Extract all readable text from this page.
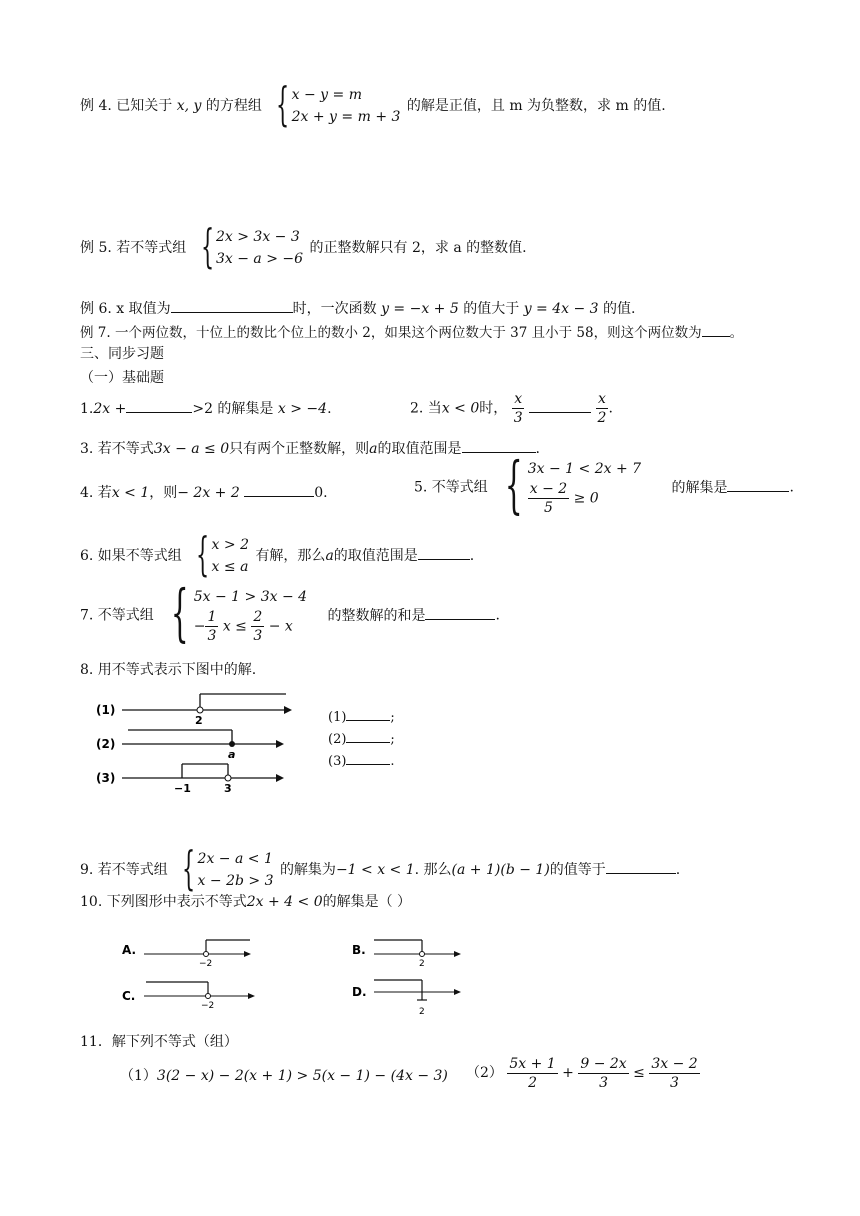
例 4. 已知关于 x, y 的方程组 { x − y = m
2x + y = m + 3
的解是正值，且 m 为负整数，求 m 的值.
例 5. 若不等式组 { 2x > 3x − 3
3x − a > −6
的正整数解只有 2，求 a 的整数值.
例 6. x 取值为	时，一次函数 y = −x + 5 的值大于 y = 4x − 3 的值.
例 7. 一个两位数，十位上的数比个位上的数小 2，如果这个两位数大于 37 且小于 58，则这个两位数为 。
三、同步习题
（一）基础题
1.2x +	>2 的解集是 x > −4.	2. 当x < 0时， $\frac{x}{3}$
	$\frac{x}{2}$ .
3. 若不等式3x − a ≤ 0只有两个正整数解，则a的取值范围是	.
4. 若x < 1，则− 2x + 2	0.	5. 不等式组 { 3x − 1 < 2x + 7
$\frac{x - 2}{5} \ge 0$
的解集是	.
6. 如果不等式组 { x > 2
x ≤ a
有解，那么a的取值范围是	.
7. 不等式组 { 5x − 1 > 3x − 4
− $\frac{1}{3}$ $x \le \frac{2}{3} - x$
的整数解的和是	.
8. 用不等式表示下图中的解.
(1)
2
(2)
a
(3)
−1	3
(1)	;
(2)	;
(3)	.
9. 若不等式组 { 2x − a < 1
x − 2b > 3
的解集为−1 < x < 1. 那么(a + 1)(b − 1)的值等于	.
10. 下列图形中表示不等式2x + 4 < 0的解集是（ ）
A.
−2
B.
2
C.
−2
D.
2
11．解下列不等式（组）
（1）3(2 − x) − 2(x + 1) > 5(x − 1) − (4x − 3) $(2) \frac{5x + 1}{2} + \frac{9 - 2x}{3} \le \frac{3x - 2}{3}$
